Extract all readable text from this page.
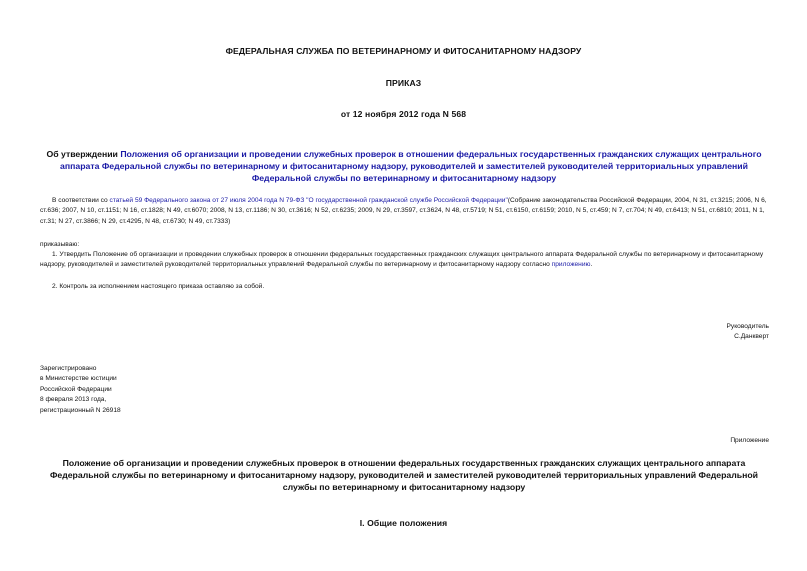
ФЕДЕРАЛЬНАЯ СЛУЖБА ПО ВЕТЕРИНАРНОМУ И ФИТОСАНИТАРНОМУ НАДЗОРУ
ПРИКАЗ
от 12 ноября 2012 года N 568
Об утверждении Положения об организации и проведении служебных проверок в отношении федеральных государственных гражданских служащих центрального аппарата Федеральной службы по ветеринарному и фитосанитарному надзору, руководителей и заместителей руководителей территориальных управлений Федеральной службы по ветеринарному и фитосанитарному надзору
В соответствии со статьей 59 Федерального закона от 27 июля 2004 года N 79-ФЗ "О государственной гражданской службе Российской Федерации"(Собрание законодательства Российской Федерации, 2004, N 31, ст.3215; 2006, N 6, ст.636; 2007, N 10, ст.1151; N 16, ст.1828; N 49, ст.6070; 2008, N 13, ст.1186; N 30, ст.3616; N 52, ст.6235; 2009, N 29, ст.3597, ст.3624, N 48, ст.5719; N 51, ст.6150, ст.6159; 2010, N 5, ст.459; N 7, ст.704; N 49, ст.6413; N 51, ст.6810; 2011, N 1, ст.31; N 27, ст.3866; N 29, ст.4295, N 48, ст.6730; N 49, ст.7333)
приказываю:
1. Утвердить Положение об организации и проведении служебных проверок в отношении федеральных государственных гражданских служащих центрального аппарата Федеральной службы по ветеринарному и фитосанитарному надзору, руководителей и заместителей руководителей территориальных управлений Федеральной службы по ветеринарному и фитосанитарному надзору согласно приложению.
2. Контроль за исполнением настоящего приказа оставляю за собой.
Руководитель
С.Данкверт
Зарегистрировано
в Министерстве юстиции
Российской Федерации
8 февраля 2013 года,
регистрационный N 26918
Приложение
Положение об организации и проведении служебных проверок в отношении федеральных государственных гражданских служащих центрального аппарата Федеральной службы по ветеринарному и фитосанитарному надзору, руководителей и заместителей руководителей территориальных управлений Федеральной службы по ветеринарному и фитосанитарному надзору
I. Общие положения
